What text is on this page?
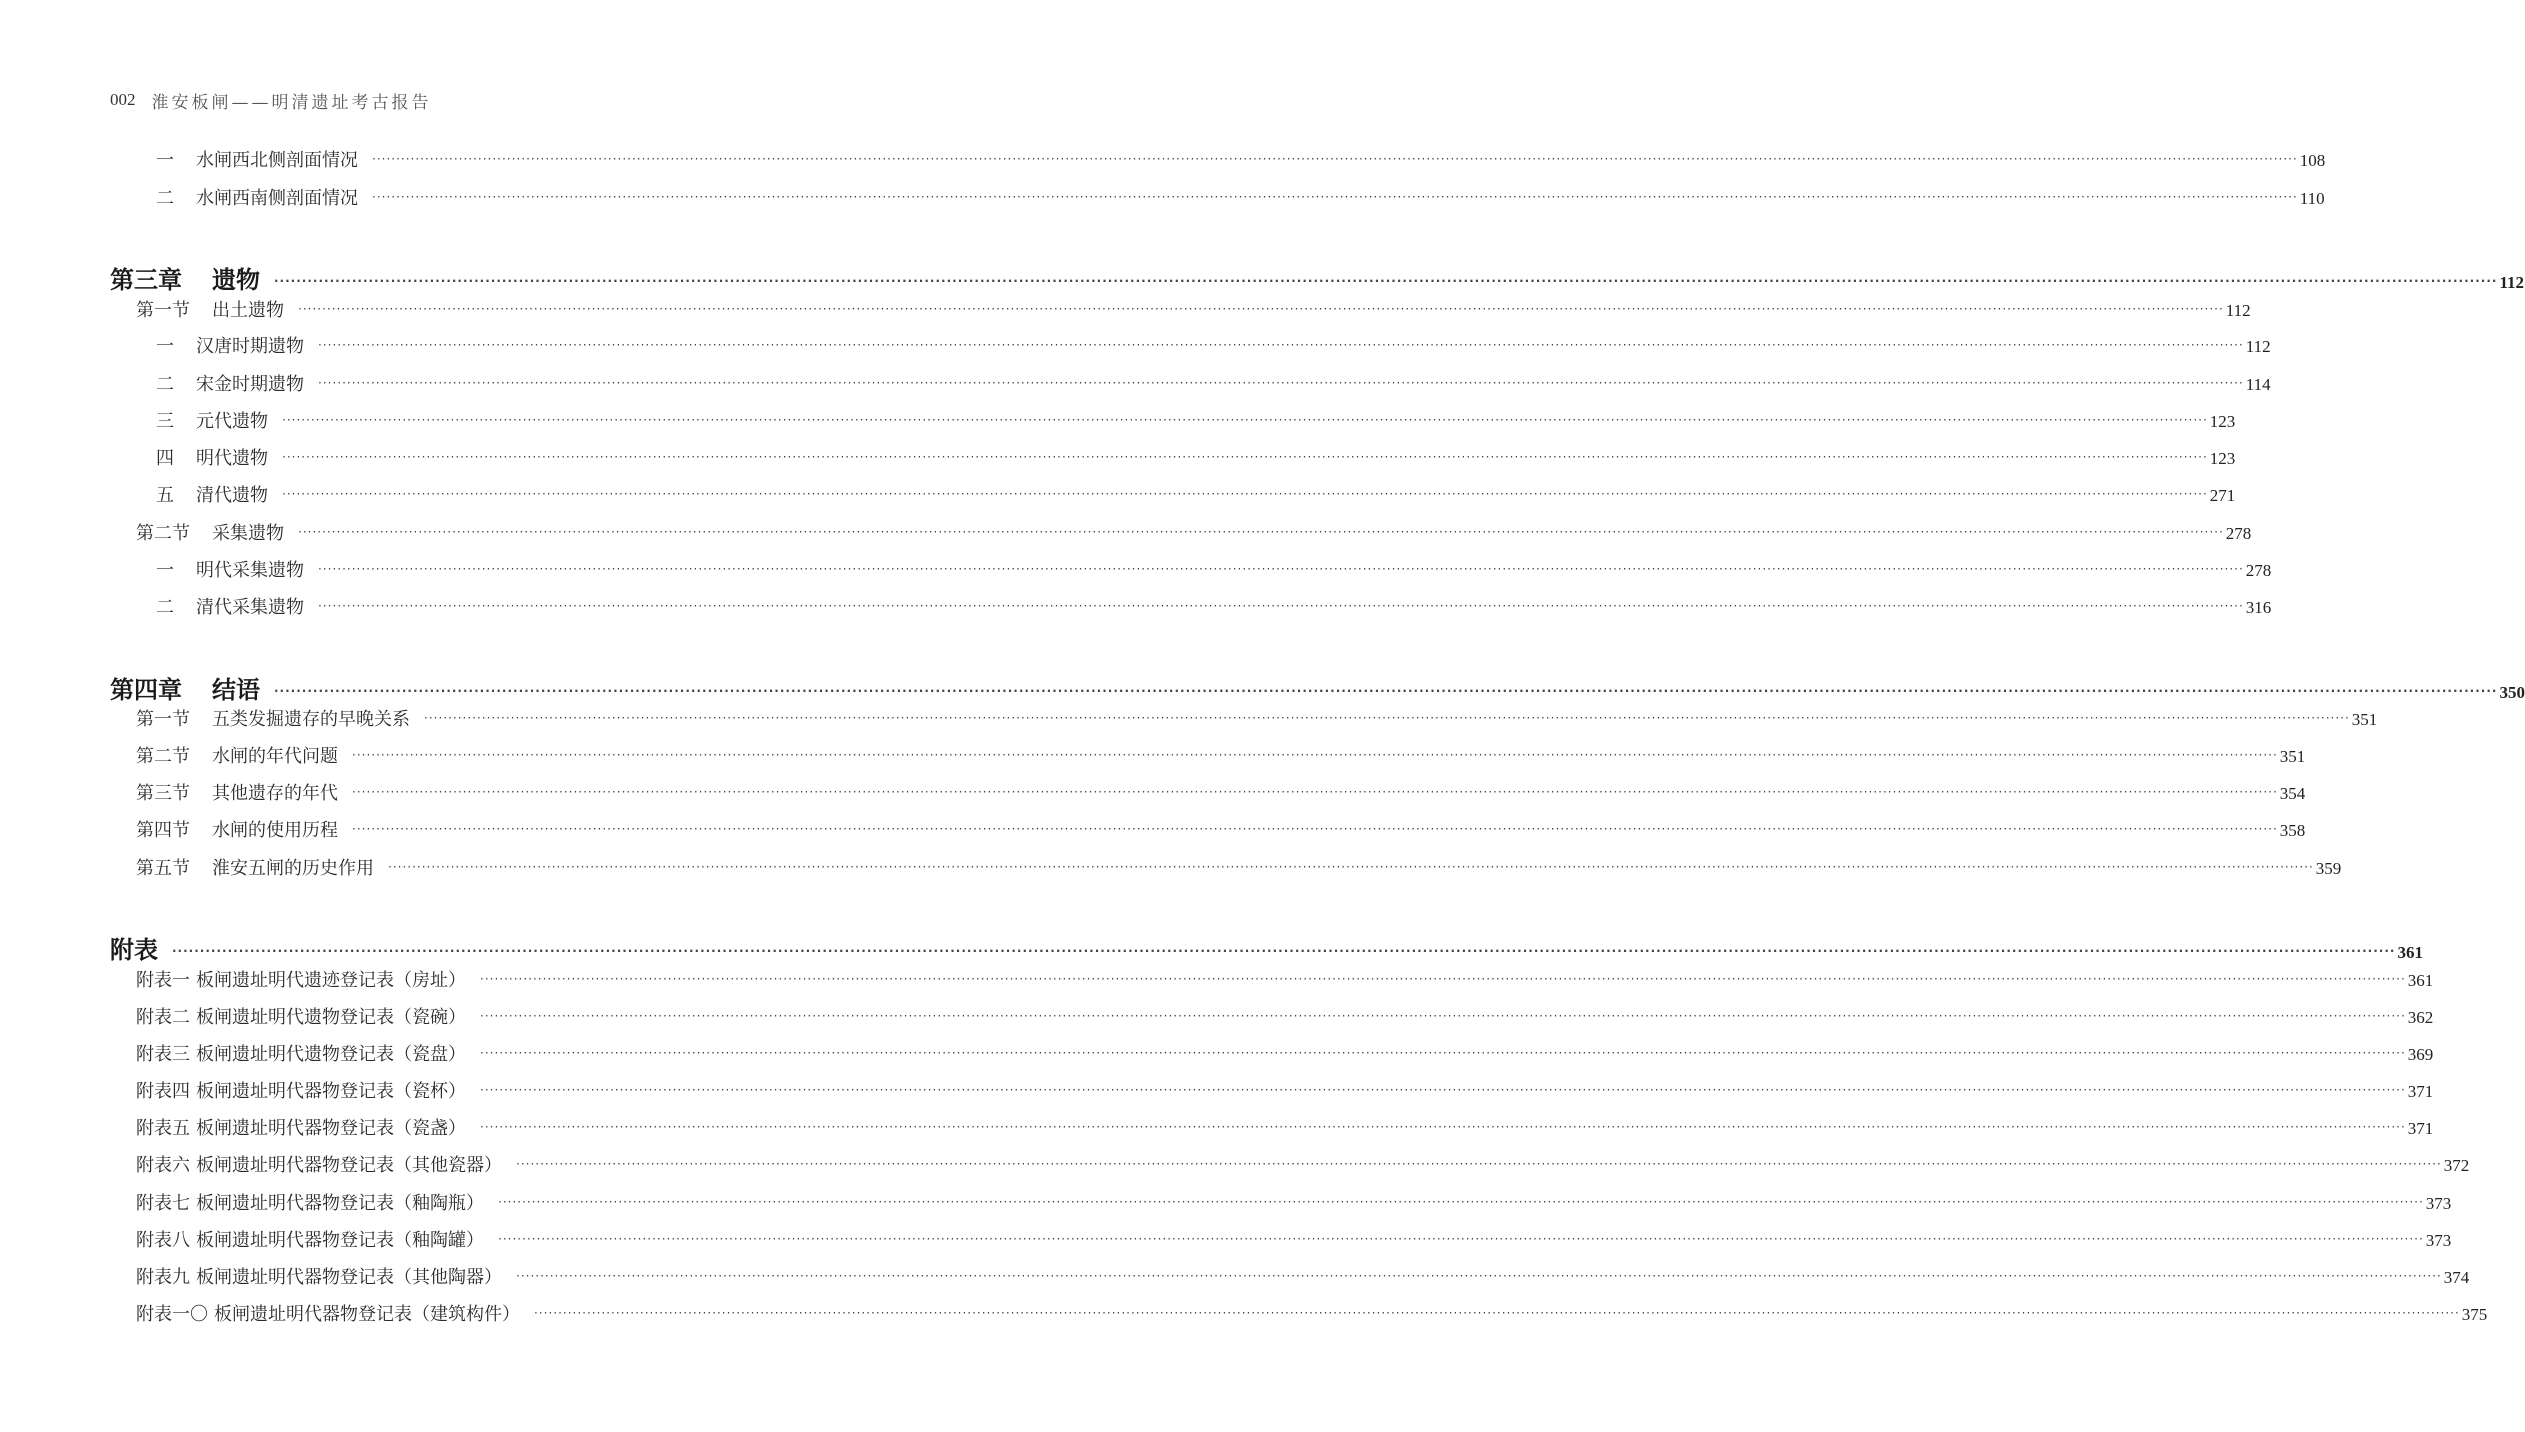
002 淮安板闸——明清遗址考古报告
一	水闸西北侧剖面情况 ················································································································································································································································································································································································································ 108
二	水闸西南侧剖面情况 ················································································································································································································································································································································································································ 110
第三章 遗物 ················································································································································································································································································································································································································ 112
第一节 出土遗物 ················································································································································································································································································································································································································ 112
一	汉唐时期遗物 ················································································································································································································································································································································································································ 112
二	宋金时期遗物 ················································································································································································································································································································································································································ 114
三	元代遗物 ················································································································································································································································································································································································································ 123
四	明代遗物 ················································································································································································································································································································································································································ 123
五	清代遗物 ················································································································································································································································································································································································································ 271
第二节 采集遗物 ················································································································································································································································································································································································································ 278
一	明代采集遗物 ················································································································································································································································································································································································································ 278
二	清代采集遗物 ················································································································································································································································································································································································································ 316
第四章 结语 ················································································································································································································································································································································································································ 350
第一节 五类发掘遗存的早晚关系 ················································································································································································································································································································································································································ 351
第二节 水闸的年代问题 ················································································································································································································································································································································································································ 351
第三节 其他遗存的年代 ················································································································································································································································································································································································································ 354
第四节 水闸的使用历程 ················································································································································································································································································································································································································ 358
第五节 淮安五闸的历史作用 ················································································································································································································································································································································································································ 359
附表 ················································································································································································································································································································································································································ 361
附表一 板闸遗址明代遗迹登记表（房址） ················································································································································································································································································································································································································ 361
附表二 板闸遗址明代遗物登记表（瓷碗） ················································································································································································································································································································································································································ 362
附表三 板闸遗址明代遗物登记表（瓷盘） ················································································································································································································································································································································································································ 369
附表四 板闸遗址明代器物登记表（瓷杯） ················································································································································································································································································································································································································ 371
附表五 板闸遗址明代器物登记表（瓷盏） ················································································································································································································································································································································································································ 371
附表六 板闸遗址明代器物登记表（其他瓷器） ················································································································································································································································································································································································································ 372
附表七 板闸遗址明代器物登记表（釉陶瓶） ················································································································································································································································································································································································································ 373
附表八 板闸遗址明代器物登记表（釉陶罐） ················································································································································································································································································································································································································ 373
附表九 板闸遗址明代器物登记表（其他陶器） ················································································································································································································································································································································································································ 374
附表一〇 板闸遗址明代器物登记表（建筑构件） ················································································································································································································································································································································································································ 375
